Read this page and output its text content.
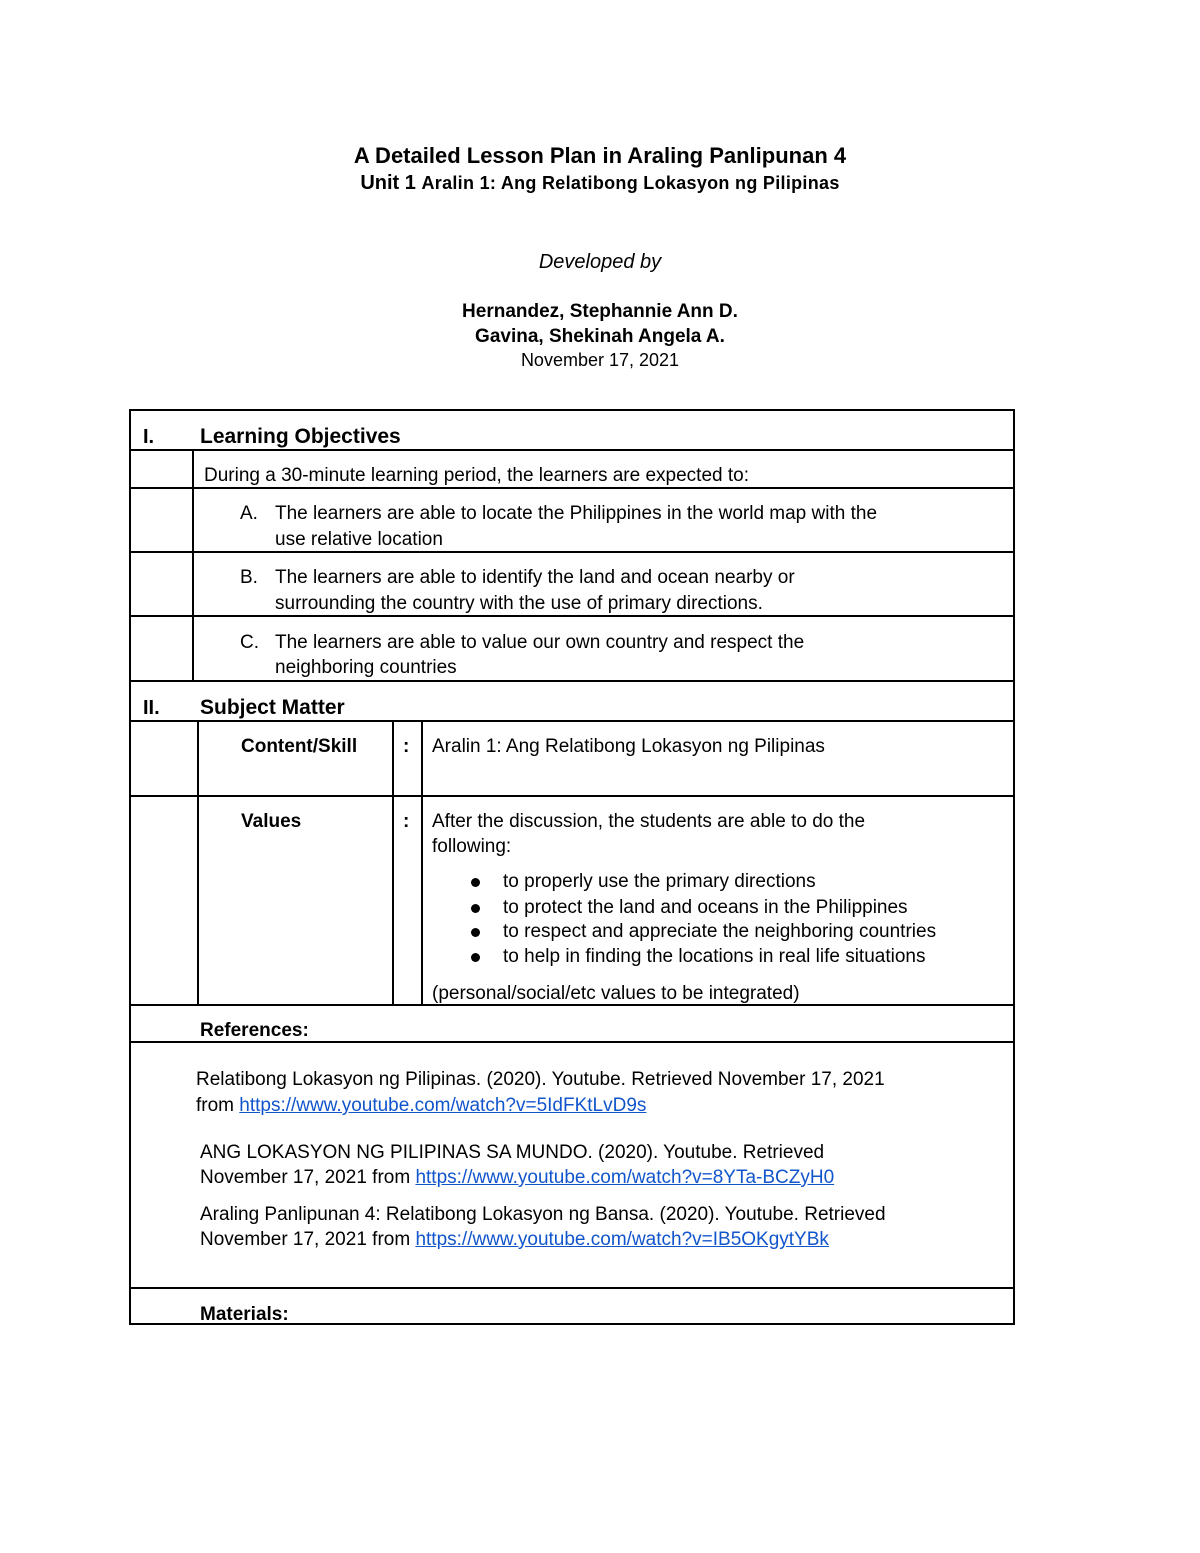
A Detailed Lesson Plan in Araling Panlipunan 4
Unit 1 Aralin 1: Ang Relatibong Lokasyon ng Pilipinas
Developed by
Hernandez, Stephannie Ann D.
Gavina, Shekinah Angela A.
November 17, 2021
I. Learning Objectives
During a 30-minute learning period, the learners are expected to:
A. The learners are able to locate the Philippines in the world map with the
use relative location
B. The learners are able to identify the land and ocean nearby or
surrounding the country with the use of primary directions.
C. The learners are able to value our own country and respect the
neighboring countries
II. Subject Matter
Content/Skill : Aralin 1: Ang Relatibong Lokasyon ng Pilipinas
Values	: After the discussion, the students are able to do the
following:
to properly use the primary directions
to protect the land and oceans in the Philippines
to respect and appreciate the neighboring countries
to help in finding the locations in real life situations
(personal/social/etc values to be integrated)
References:
Relatibong Lokasyon ng Pilipinas. (2020). Youtube. Retrieved November 17, 2021
from https://www.youtube.com/watch?v=5IdFKtLvD9s
ANG LOKASYON NG PILIPINAS SA MUNDO. (2020). Youtube. Retrieved
November 17, 2021 from https://www.youtube.com/watch?v=8YTa-BCZyH0
Araling Panlipunan 4: Relatibong Lokasyon ng Bansa. (2020). Youtube. Retrieved
November 17, 2021 from https://www.youtube.com/watch?v=IB5OKgytYBk
Materials:
